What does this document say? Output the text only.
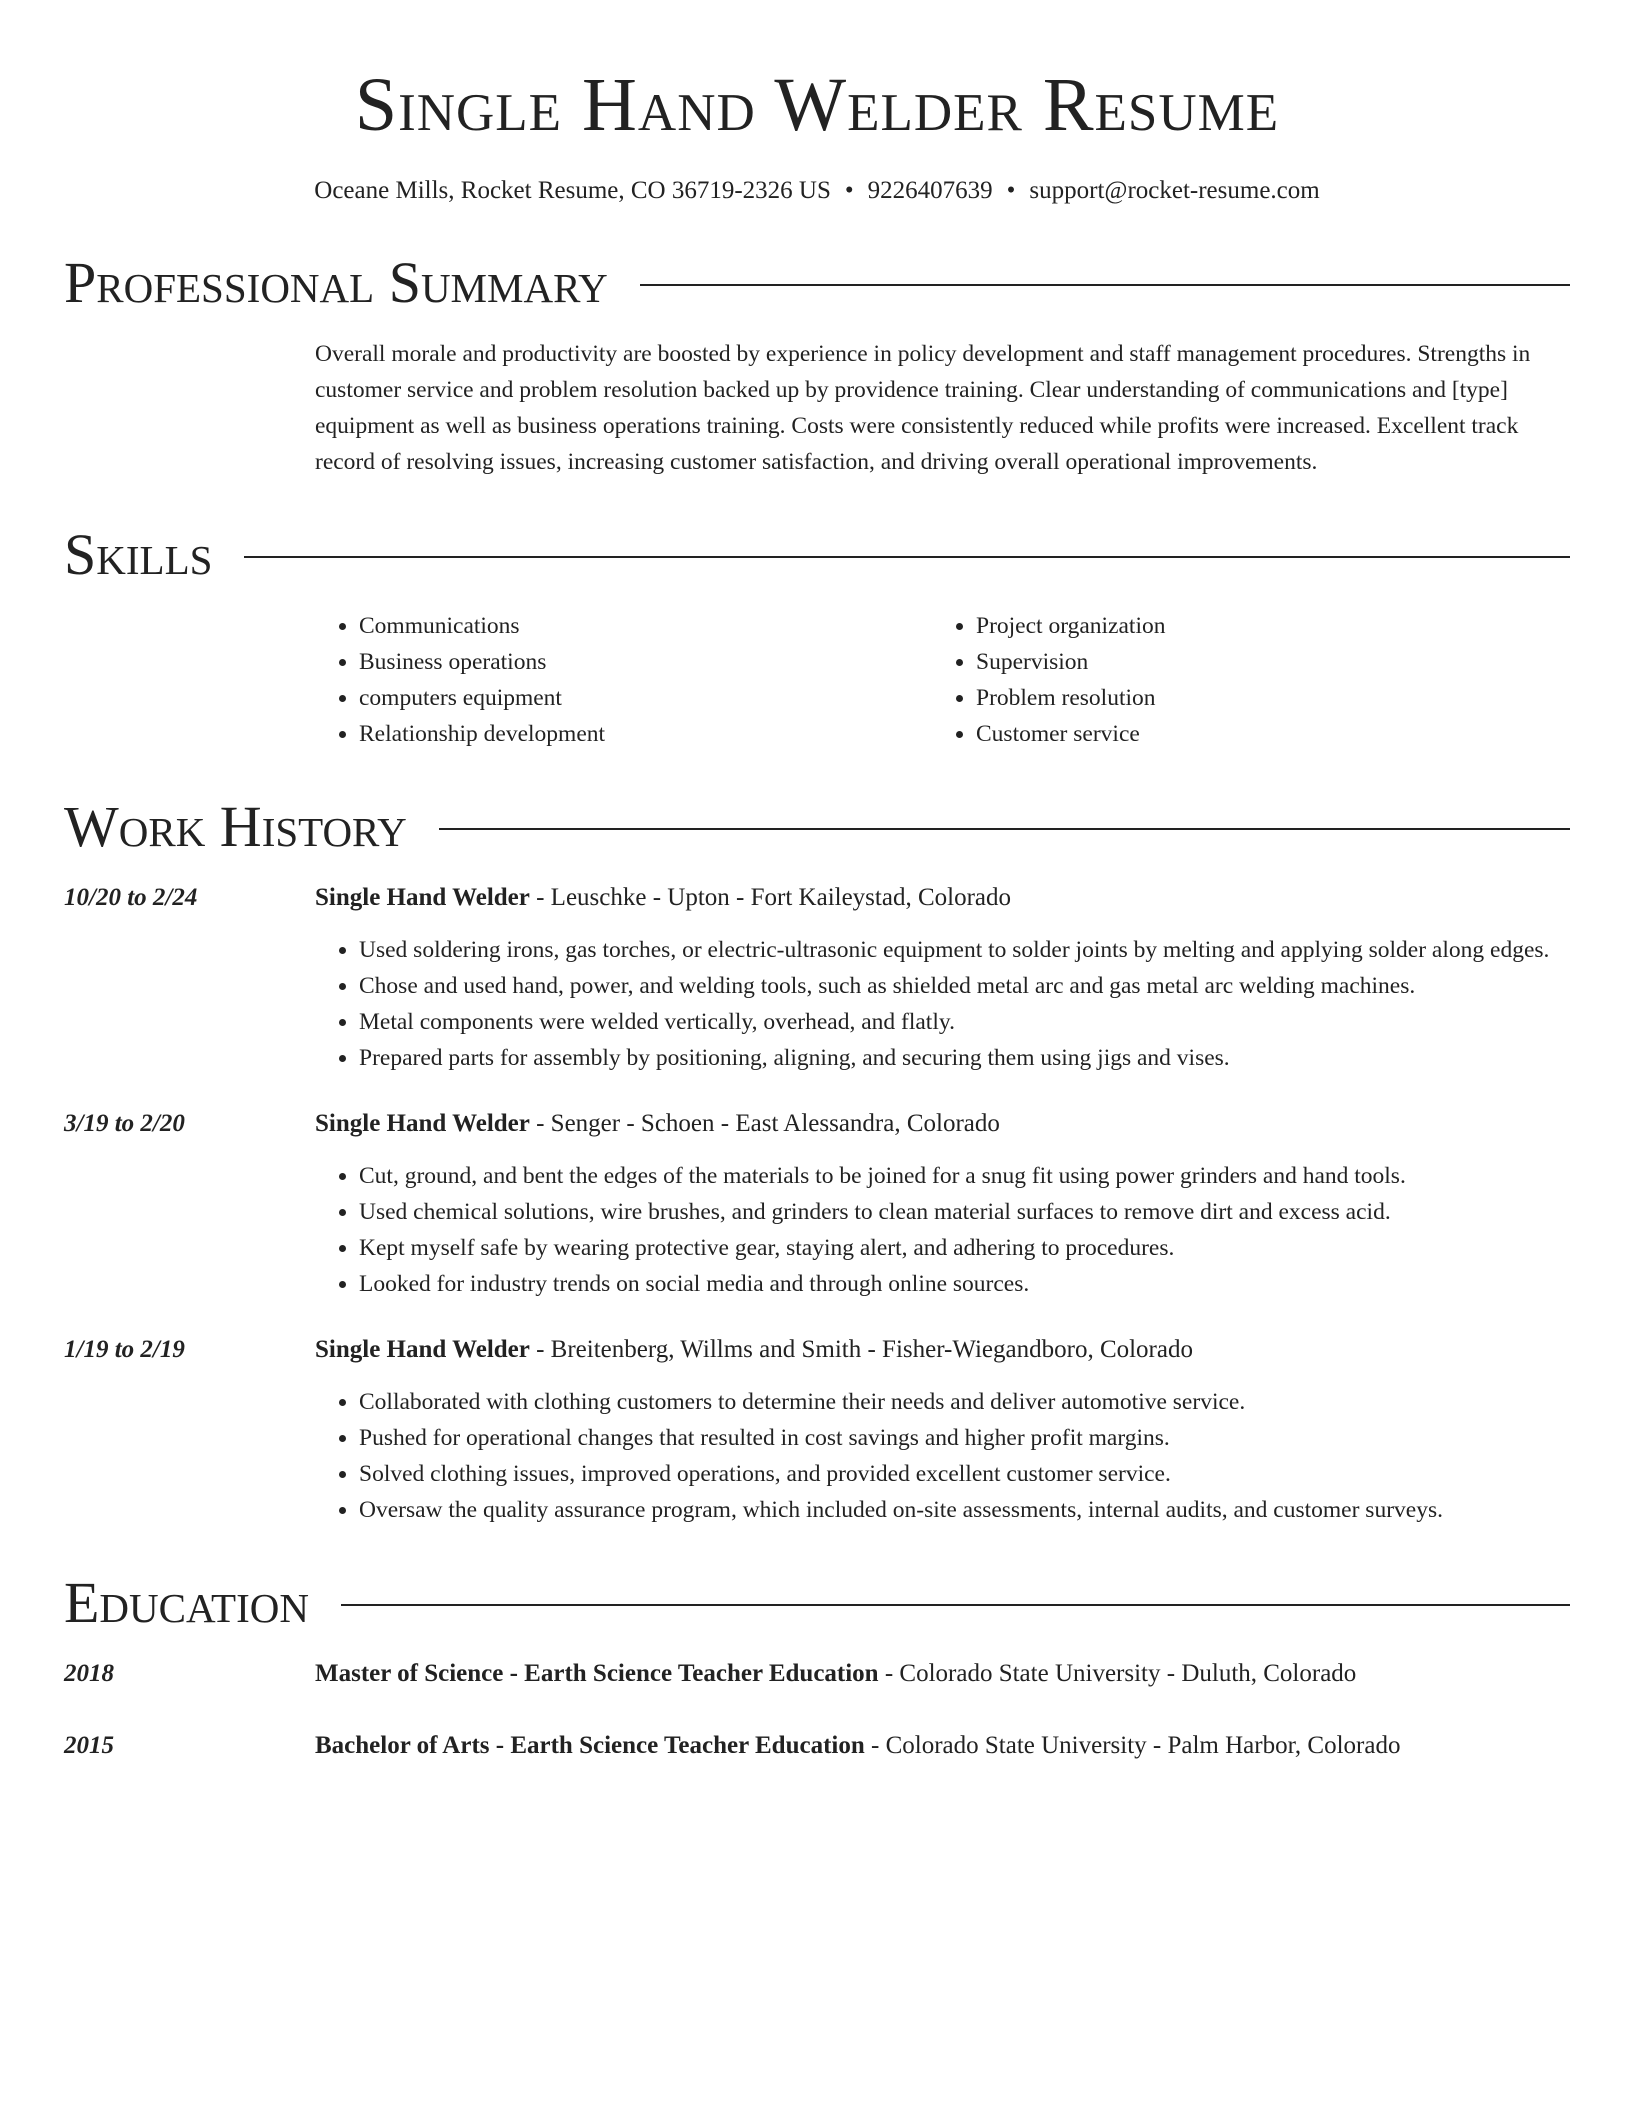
Single Hand Welder Resume
Oceane Mills, Rocket Resume, CO 36719-2326 US • 9226407639 • support@rocket-resume.com
Professional Summary
Overall morale and productivity are boosted by experience in policy development and staff management procedures. Strengths in customer service and problem resolution backed up by providence training. Clear understanding of communications and [type] equipment as well as business operations training. Costs were consistently reduced while profits were increased. Excellent track record of resolving issues, increasing customer satisfaction, and driving overall operational improvements.
Skills
• Communications
• Business operations
• computers equipment
• Relationship development
• Project organization
• Supervision
• Problem resolution
• Customer service
Work History
10/20 to 2/24	Single Hand Welder - Leuschke - Upton - Fort Kaileystad, Colorado
• Used soldering irons, gas torches, or electric-ultrasonic equipment to solder joints by melting and applying solder along edges.
• Chose and used hand, power, and welding tools, such as shielded metal arc and gas metal arc welding machines.
• Metal components were welded vertically, overhead, and flatly.
• Prepared parts for assembly by positioning, aligning, and securing them using jigs and vises.
3/19 to 2/20	Single Hand Welder - Senger - Schoen - East Alessandra, Colorado
• Cut, ground, and bent the edges of the materials to be joined for a snug fit using power grinders and hand tools.
• Used chemical solutions, wire brushes, and grinders to clean material surfaces to remove dirt and excess acid.
• Kept myself safe by wearing protective gear, staying alert, and adhering to procedures.
• Looked for industry trends on social media and through online sources.
1/19 to 2/19	Single Hand Welder - Breitenberg, Willms and Smith - Fisher-Wiegandboro, Colorado
• Collaborated with clothing customers to determine their needs and deliver automotive service.
• Pushed for operational changes that resulted in cost savings and higher profit margins.
• Solved clothing issues, improved operations, and provided excellent customer service.
• Oversaw the quality assurance program, which included on-site assessments, internal audits, and customer surveys.
Education
2018	Master of Science - Earth Science Teacher Education - Colorado State University - Duluth, Colorado
2015	Bachelor of Arts - Earth Science Teacher Education - Colorado State University - Palm Harbor, Colorado
